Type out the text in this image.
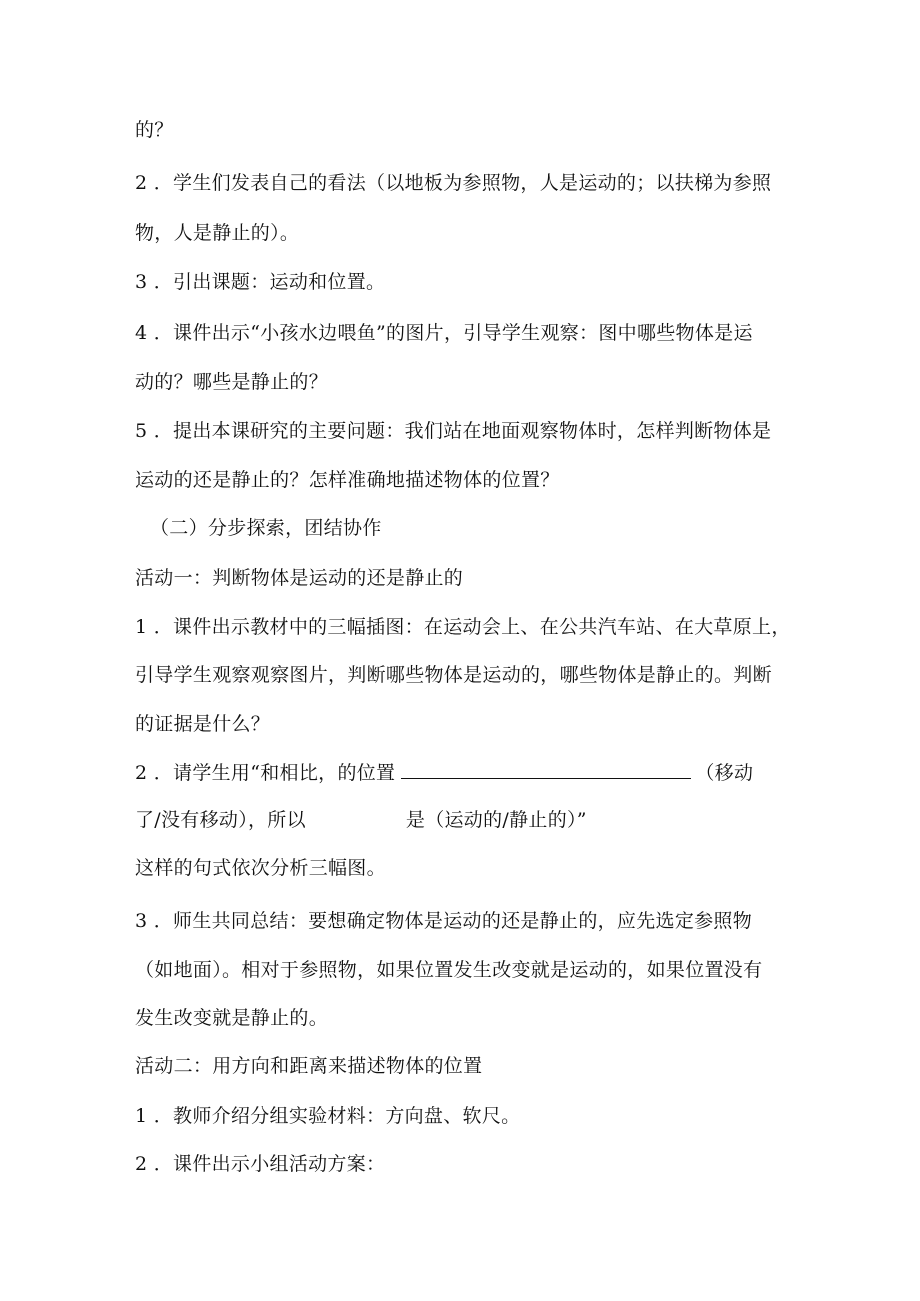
的？
2 ．学生们发表自己的看法（以地板为参照物，人是运动的；以扶梯为参照
物，人是静止的）。
3 ．引出课题：运动和位置。
4 ．课件出示“小孩水边喂鱼”的图片，引导学生观察：图中哪些物体是运
动的？哪些是静止的？
5 ．提出本课研究的主要问题：我们站在地面观察物体时，怎样判断物体是
运动的还是静止的？怎样准确地描述物体的位置？
（二）分步探索，团结协作
活动一：判断物体是运动的还是静止的
1 ．课件出示教材中的三幅插图：在运动会上、在公共汽车站、在大草原上，
引导学生观察观察图片，判断哪些物体是运动的，哪些物体是静止的。判断
的证据是什么？
2 ．请学生用“和相比，的位置	（移动
了/没有移动），所以	是（运动的/静止的）”
这样的句式依次分析三幅图。
3 ．师生共同总结：要想确定物体是运动的还是静止的，应先选定参照物
（如地面）。相对于参照物，如果位置发生改变就是运动的，如果位置没有
发生改变就是静止的。
活动二：用方向和距离来描述物体的位置
1 ．教师介绍分组实验材料：方向盘、软尺。
2 ．课件出示小组活动方案：
